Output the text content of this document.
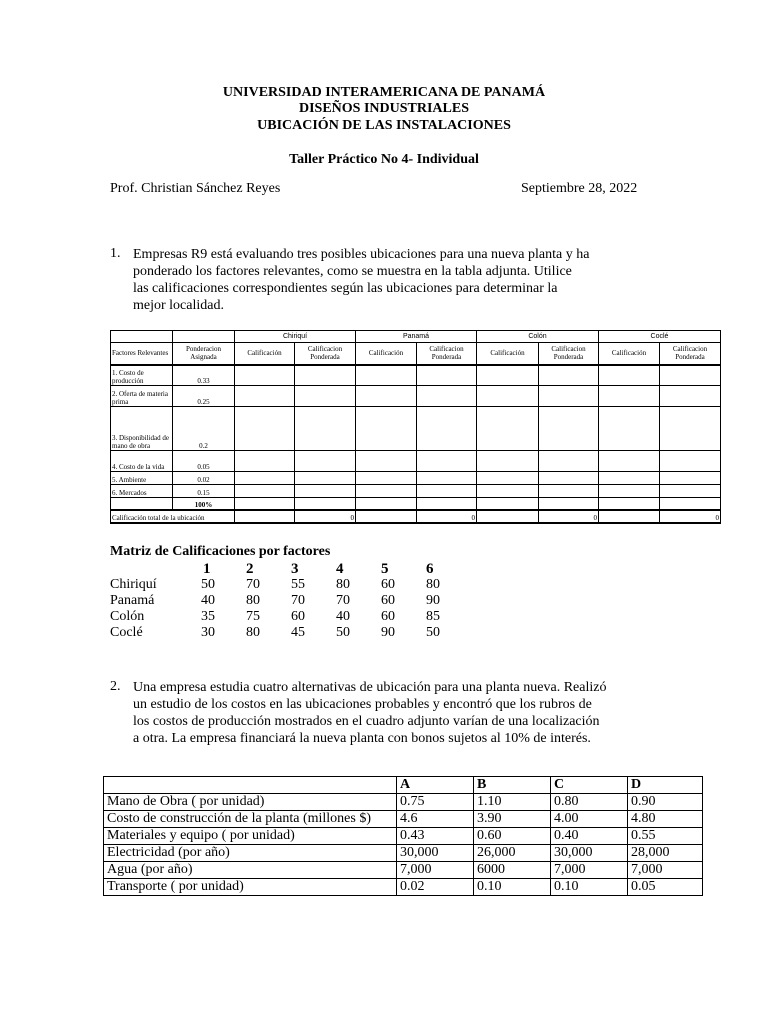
UNIVERSIDAD INTERAMERICANA DE PANAMÁ
DISEÑOS INDUSTRIALES
UBICACIÓN DE LAS INSTALACIONES
Taller Práctico No 4- Individual
Prof. Christian Sánchez Reyes	Septiembre 28, 2022
1. Empresas R9 está evaluando tres posibles ubicaciones para una nueva planta y ha
ponderado los factores relevantes, como se muestra en la tabla adjunta. Utilice
las calificaciones correspondientes según las ubicaciones para determinar la
mejor localidad.
		Chiriquí		Panamá		Colón		Coclé	
Factores Relevantes	Ponderacion Asignada	Calificación	Calificacion Ponderada	Calificación	Calificacion Ponderada	Calificación	Calificacion Ponderada	Calificación	Calificacion Ponderada
1. Costo de producción	0.33								
2. Oferta de materia prima	0.25								
3. Disponibilidad de mano de obra	0.2								
4. Costo de la vida	0.05								
5. Ambiente	0.02								
6. Mercados	0.15								
	100%								
Calificación total de la ubicación			0		0		0		0
Matriz de Calificaciones por factores
	1	2	3	4	5	6
Chiriquí	50	70	55	80	60	80
Panamá	40	80	70	70	60	90
Colón	35	75	60	40	60	85
Coclé	30	80	45	50	90	50
2. Una empresa estudia cuatro alternativas de ubicación para una planta nueva. Realizó
un estudio de los costos en las ubicaciones probables y encontró que los rubros de
los costos de producción mostrados en el cuadro adjunto varían de una localización
a otra. La empresa financiará la nueva planta con bonos sujetos al 10% de interés.
	A	B	C	D
Mano de Obra ( por unidad)	0.75	1.10	0.80	0.90
Costo de construcción de la planta (millones $)	4.6	3.90	4.00	4.80
Materiales y equipo ( por unidad)	0.43	0.60	0.40	0.55
Electricidad (por año)	30,000	26,000	30,000	28,000
Agua (por año)	7,000	6000	7,000	7,000
Transporte ( por unidad)	0.02	0.10	0.10	0.05
